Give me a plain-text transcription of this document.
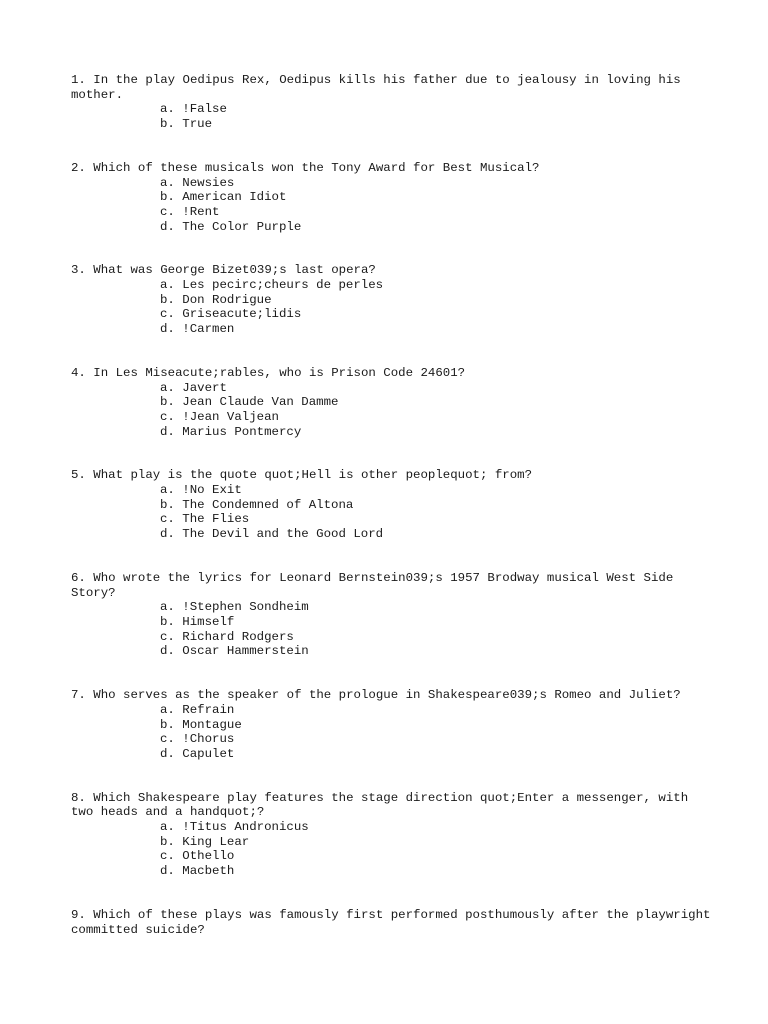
1. In the play Oedipus Rex, Oedipus kills his father due to jealousy in loving his mother.

a. !False
b. True

2. Which of these musicals won the Tony Award for Best Musical?

a. Newsies
b. American Idiot
c. !Rent
d. The Color Purple

3. What was George Bizet039;s last opera?

a. Les pecirc;cheurs de perles
b. Don Rodrigue
c. Griseacute;lidis
d. !Carmen

4. In Les Miseacute;rables, who is Prison Code 24601?

a. Javert
b. Jean Claude Van Damme
c. !Jean Valjean
d. Marius Pontmercy

5. What play is the quote quot;Hell is other peoplequot; from?

a. !No Exit
b. The Condemned of Altona
c. The Flies
d. The Devil and the Good Lord

6. Who wrote the lyrics for Leonard Bernstein039;s 1957 Brodway musical West Side Story?

a. !Stephen Sondheim
b. Himself
c. Richard Rodgers
d. Oscar Hammerstein

7. Who serves as the speaker of the prologue in Shakespeare039;s Romeo and Juliet?

a. Refrain
b. Montague
c. !Chorus
d. Capulet

8. Which Shakespeare play features the stage direction quot;Enter a messenger, with two heads and a handquot;?

a. !Titus Andronicus
b. King Lear
c. Othello
d. Macbeth

9. Which of these plays was famously first performed posthumously after the playwright committed suicide?
